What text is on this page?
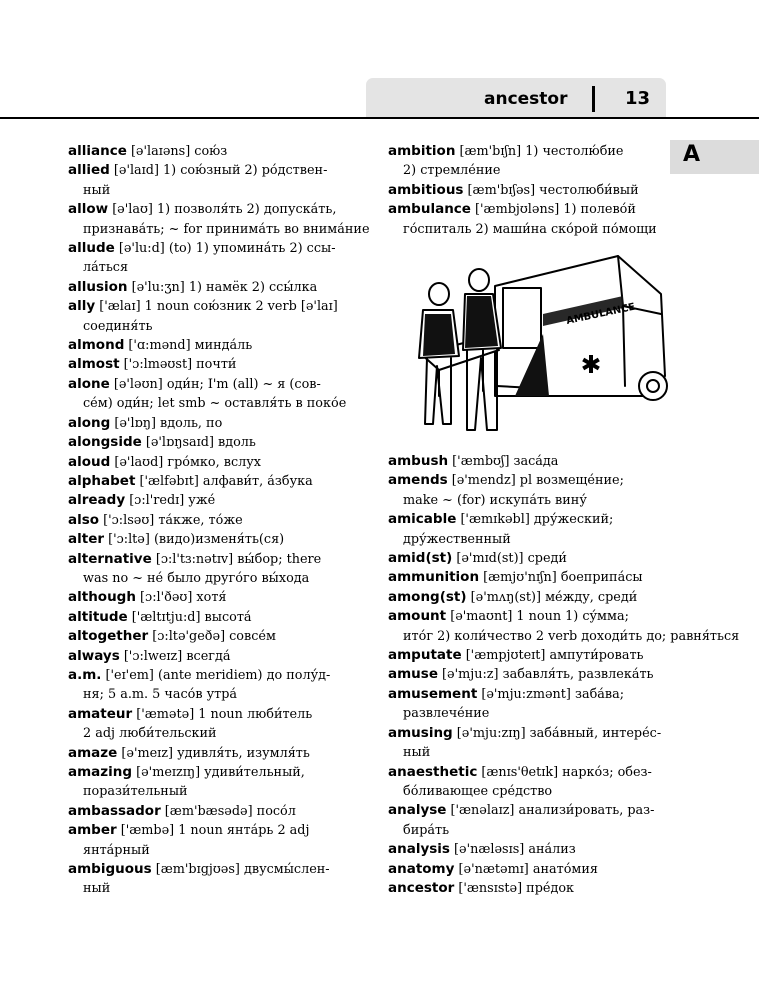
ancestor	13
A
alliance [ə'laɪəns] сою́з
allied [ə'laɪd] 1) сою́зный 2) ро́дствен-
ный
allow [ə'laʊ] 1) позволя́ть 2) допуска́ть,
признава́ть; ~ for принима́ть во внима́ние
allude [ə'lu:d] (to) 1) упомина́ть 2) ссы-
ла́ться
allusion [ə'lu:ʒn] 1) намёк 2) ссы́лка
ally ['ælaɪ] 1 noun сою́зник 2 verb [ə'laɪ]
соединя́ть
almond ['ɑ:mənd] минда́ль
almost ['ɔ:lməʊst] почти́
alone [ə'ləʊn] оди́н; I'm (all) ~ я (сов-
се́м) оди́н; let smb ~ оставля́ть в поко́е
along [ə'lɒŋ] вдоль, по
alongside [ə'lɒŋsaɪd] вдоль
aloud [ə'laʊd] гро́мко, вслух
alphabet ['ælfəbɪt] алфави́т, а́збука
already [ɔ:l'redɪ] уже́
also ['ɔ:lsəʊ] та́кже, то́же
alter ['ɔ:ltə] (видо)изменя́ть(ся)
alternative [ɔ:l'tɜ:nətɪv] вы́бор; there
was no ~ не́ было друго́го вы́хода
although [ɔ:l'ðəʊ] хотя́
altitude ['æltɪtju:d] высота́
altogether [ɔ:ltə'geðə] совсе́м
always ['ɔ:lweɪz] всегда́
a.m. ['eɪ'em] (ante meridiem) до полу́д-
ня; 5 a.m. 5 часо́в утра́
amateur ['æmətə] 1 noun люби́тель
2 adj люби́тельский
amaze [ə'meɪz] удивля́ть, изумля́ть
amazing [ə'meɪzɪŋ] удиви́тельный,
порази́тельный
ambassador [æm'bæsədə] посо́л
amber ['æmbə] 1 noun янта́рь 2 adj
янта́рный
ambiguous [æm'bɪgjʊəs] двусмы́слен-
ный
ambition [æm'bɪʃn] 1) честолю́бие
2) стремле́ние
ambitious [æm'bɪʃəs] честолюби́вый
ambulance ['æmbjʊləns] 1) полево́й
го́спиталь 2) маши́на ско́рой по́мощи
AMBULANCE
ambush ['æmbʊʃ] заса́да
amends [ə'mendz] pl возмеще́ние;
make ~ (for) искупа́ть вину́
amicable ['æmɪkəbl] дру́жеский;
дру́жественный
amid(st) [ə'mɪd(st)] среди́
ammunition [æmjʊ'nɪʃn] боеприпа́сы
among(st) [ə'mʌŋ(st)] ме́жду, среди́
amount [ə'maʊnt] 1 noun 1) су́мма;
ито́г 2) коли́чество 2 verb доходи́ть до; равня́ться
amputate ['æmpjʊteɪt] ампути́ровать
amuse [ə'mju:z] забавля́ть, развлека́ть
amusement [ə'mju:zmənt] заба́ва;
развлече́ние
amusing [ə'mju:zɪŋ] заба́вный, интере́с-
ный
anaesthetic [ænɪs'θetɪk] нарко́з; обез-
бо́ливающее сре́дство
analyse ['ænəlaɪz] анализи́ровать, раз-
бира́ть
analysis [ə'næləsɪs] ана́лиз
anatomy [ə'nætəmɪ] анато́мия
ancestor ['ænsɪstə] пре́док
